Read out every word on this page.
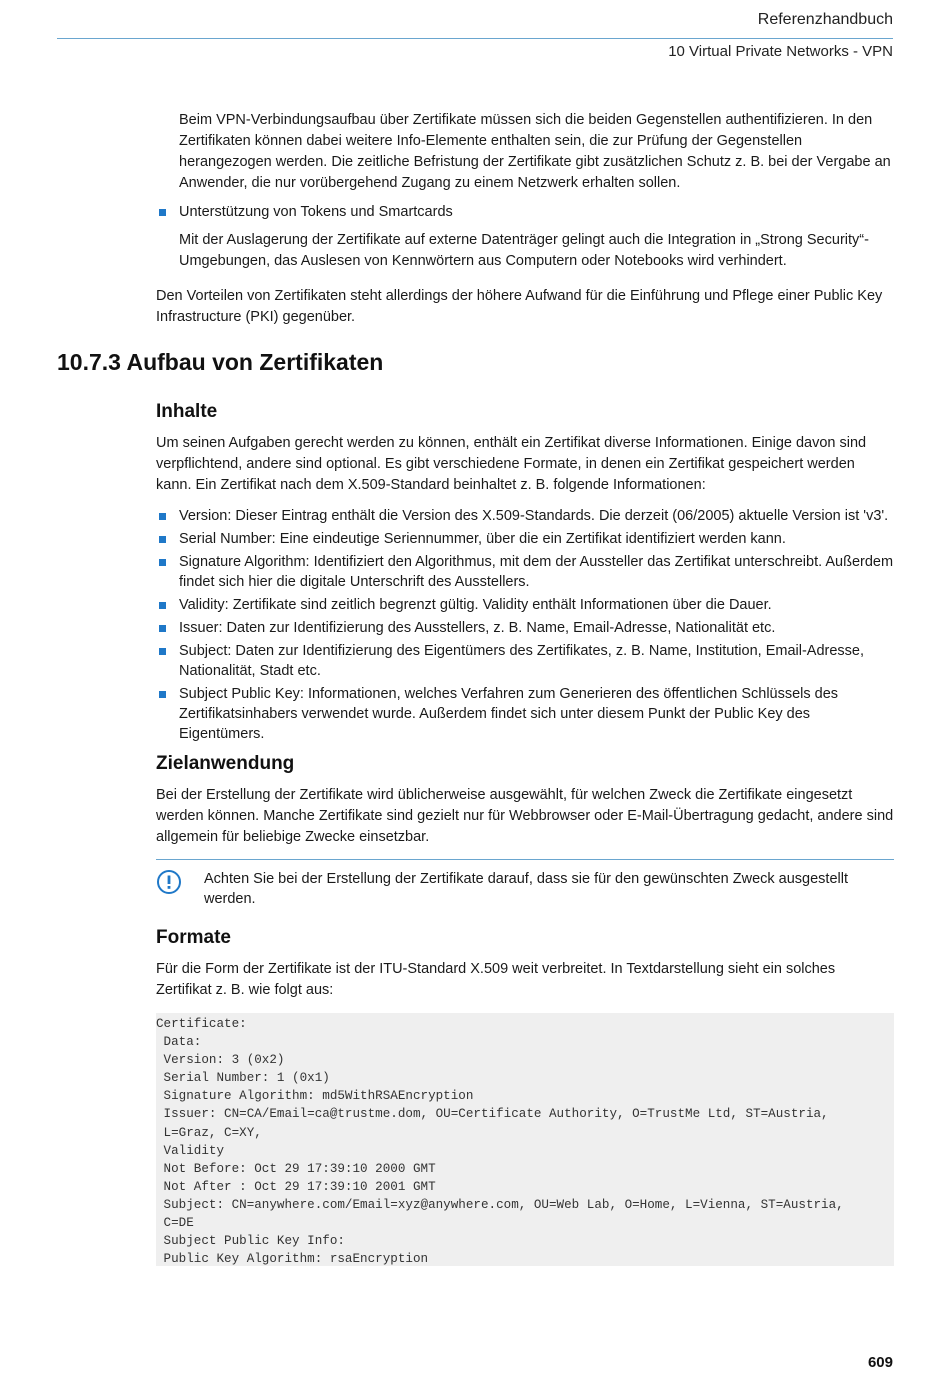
Referenzhandbuch
10 Virtual Private Networks - VPN

Beim VPN-Verbindungsaufbau über Zertifikate müssen sich die beiden Gegenstellen authentifizieren. In den Zertifikaten können dabei weitere Info-Elemente enthalten sein, die zur Prüfung der Gegenstellen herangezogen werden. Die zeitliche Befristung der Zertifikate gibt zusätzlichen Schutz z. B. bei der Vergabe an Anwender, die nur vorübergehend Zugang zu einem Netzwerk erhalten sollen.

Unterstützung von Tokens und Smartcards

Mit der Auslagerung der Zertifikate auf externe Datenträger gelingt auch die Integration in „Strong Security“-Umgebungen, das Auslesen von Kennwörtern aus Computern oder Notebooks wird verhindert.

Den Vorteilen von Zertifikaten steht allerdings der höhere Aufwand für die Einführung und Pflege einer Public Key Infrastructure (PKI) gegenüber.

10.7.3 Aufbau von Zertifikaten
Inhalte

Um seinen Aufgaben gerecht werden zu können, enthält ein Zertifikat diverse Informationen. Einige davon sind verpflichtend, andere sind optional. Es gibt verschiedene Formate, in denen ein Zertifikat gespeichert werden kann. Ein Zertifikat nach dem X.509-Standard beinhaltet z. B. folgende Informationen:

Version: Dieser Eintrag enthält die Version des X.509-Standards. Die derzeit (06/2005) aktuelle Version ist 'v3'.
Serial Number: Eine eindeutige Seriennummer, über die ein Zertifikat identifiziert werden kann.
Signature Algorithm: Identifiziert den Algorithmus, mit dem der Aussteller das Zertifikat unterschreibt. Außerdem findet sich hier die digitale Unterschrift des Ausstellers.
Validity: Zertifikate sind zeitlich begrenzt gültig. Validity enthält Informationen über die Dauer.
Issuer: Daten zur Identifizierung des Ausstellers, z. B. Name, Email-Adresse, Nationalität etc.
Subject: Daten zur Identifizierung des Eigentümers des Zertifikates, z. B. Name, Institution, Email-Adresse, Nationalität, Stadt etc.
Subject Public Key: Informationen, welches Verfahren zum Generieren des öffentlichen Schlüssels des Zertifikatsinhabers verwendet wurde. Außerdem findet sich unter diesem Punkt der Public Key des Eigentümers.
Zielanwendung

Bei der Erstellung der Zertifikate wird üblicherweise ausgewählt, für welchen Zweck die Zertifikate eingesetzt werden können. Manche Zertifikate sind gezielt nur für Webbrowser oder E-Mail-Übertragung gedacht, andere sind allgemein für beliebige Zwecke einsetzbar.

Achten Sie bei der Erstellung der Zertifikate darauf, dass sie für den gewünschten Zweck ausgestellt werden.
Formate

Für die Form der Zertifikate ist der ITU-Standard X.509 weit verbreitet. In Textdarstellung sieht ein solches Zertifikat z. B. wie folgt aus:

Certificate:
Data:
Version: 3 (0x2)
Serial Number: 1 (0x1)
Signature Algorithm: md5WithRSAEncryption
Issuer: CN=CA/Email=ca@trustme.dom, OU=Certificate Authority, O=TrustMe Ltd, ST=Austria,
L=Graz, C=XY,
Validity
Not Before: Oct 29 17:39:10 2000 GMT
Not After : Oct 29 17:39:10 2001 GMT
Subject: CN=anywhere.com/Email=xyz@anywhere.com, OU=Web Lab, O=Home, L=Vienna, ST=Austria,
C=DE
Subject Public Key Info:
Public Key Algorithm: rsaEncryption
609
